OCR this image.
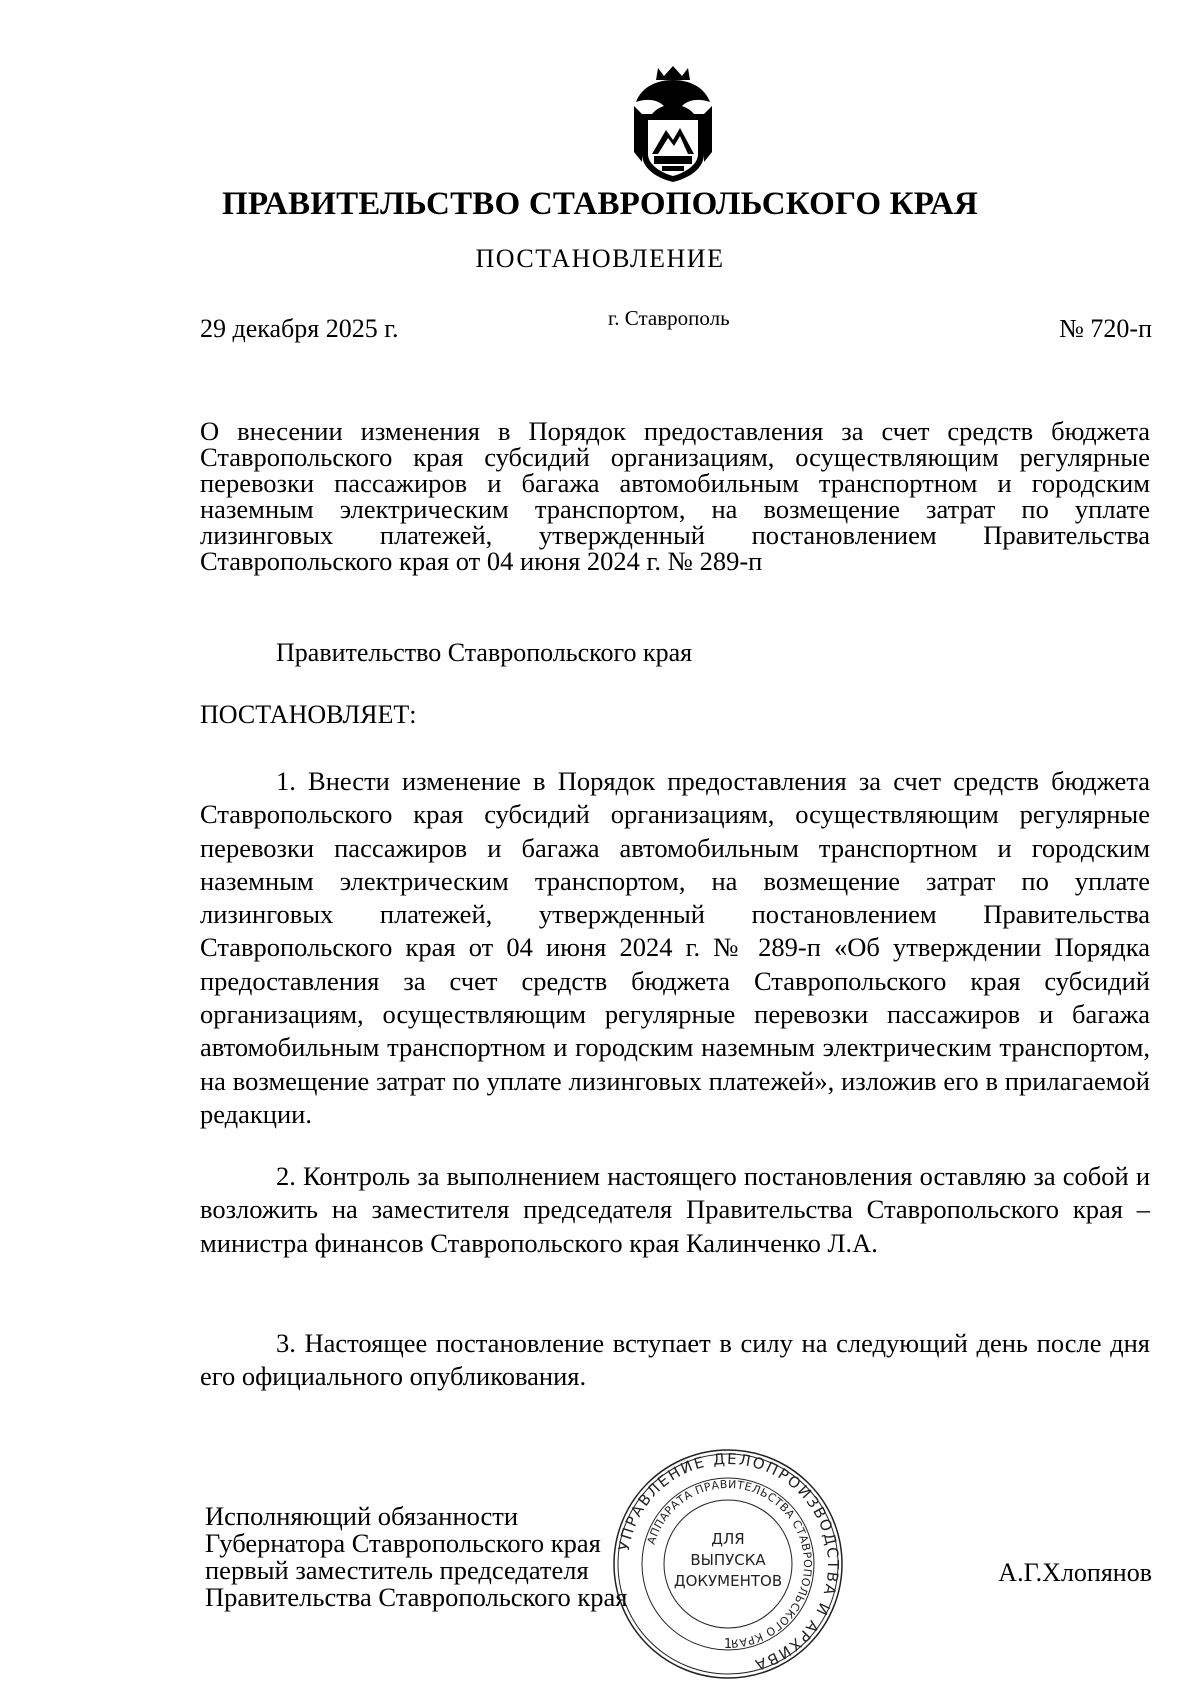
ПРАВИТЕЛЬСТВО СТАВРОПОЛЬСКОГО КРАЯ
ПОСТАНОВЛЕНИЕ
29 декабря 2025 г.	г. Ставрополь	№ 720-п
О внесении изменения в Порядок предоставления за счет средств бюджета Ставропольского края субсидий организациям, осуществляющим регулярные перевозки пассажиров и багажа автомобильным транспортном и городским наземным электрическим транспортом, на возмещение затрат по уплате лизинговых платежей, утвержденный постановлением Правительства Ставропольского края от 04 июня 2024 г. № 289-п
Правительство Ставропольского края
ПОСТАНОВЛЯЕТ:
1. Внести изменение в Порядок предоставления за счет средств бюджета Ставропольского края субсидий организациям, осуществляющим регулярные перевозки пассажиров и багажа автомобильным транспортном и городским наземным электрическим транспортом, на возмещение затрат по уплате лизинговых платежей, утвержденный постановлением Правительства Ставропольского края от 04 июня 2024 г. № 289-п «Об утверждении Порядка предоставления за счет средств бюджета Ставропольского края субсидий организациям, осуществляющим регулярные перевозки пассажиров и багажа автомобильным транспортном и городским наземным электрическим транспортом, на возмещение затрат по уплате лизинговых платежей», изложив его в прилагаемой редакции.
2. Контроль за выполнением настоящего постановления оставляю за собой и возложить на заместителя председателя Правительства Ставропольского края – министра финансов Ставропольского края Калинченко Л.А.
3. Настоящее постановление вступает в силу на следующий день после дня его официального опубликования.
Исполняющий обязанности
Губернатора Ставропольского края
первый заместитель председателя
Правительства Ставропольского края
А.Г.Хлопянов
УПРАВЛЕНИЕ ДЕЛОПРОИЗВОДСТВА И АРХИВА
АППАРАТА ПРАВИТЕЛЬСТВА СТАВРОПОЛЬСКОГО КРАЯ
ДЛЯ
ВЫПУСКА
ДОКУМЕНТОВ
1
